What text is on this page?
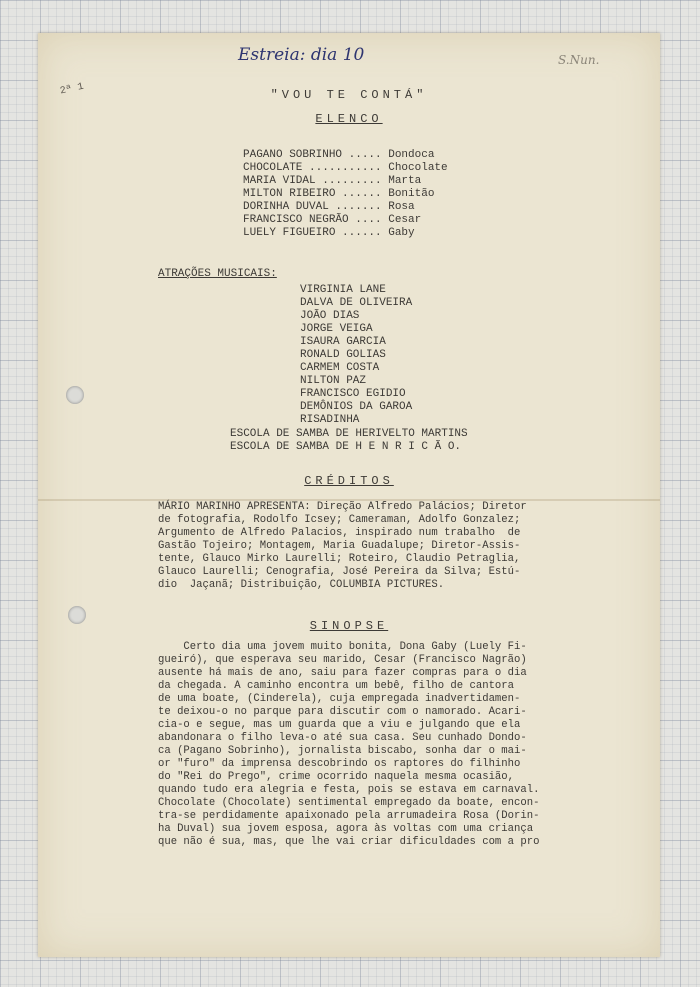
Estreia: dia 10	S.Nun.
2ª 1	"VOU TE CONTÁ"
ELENCO
PAGANO SOBRINHO ..... Dondoca
CHOCOLATE ........... Chocolate
MARIA VIDAL ......... Marta
MILTON RIBEIRO ...... Bonitão
DORINHA DUVAL ....... Rosa
FRANCISCO NEGRÃO .... Cesar
LUELY FIGUEIRO ...... Gaby
ATRAÇÕES MUSICAIS:
VIRGINIA LANE
DALVA DE OLIVEIRA
JOÃO DIAS
JORGE VEIGA
ISAURA GARCIA
RONALD GOLIAS
CARMEM COSTA
NILTON PAZ
FRANCISCO EGIDIO
DEMÔNIOS DA GAROA
RISADINHA
ESCOLA DE SAMBA DE HERIVELTO MARTINS
ESCOLA DE SAMBA DE H E N R I C Ã O.
CRÉDITOS
MÁRIO MARINHO APRESENTA: Direção Alfredo Palácios; Diretor
de fotografia, Rodolfo Icsey; Cameraman, Adolfo Gonzalez;
Argumento de Alfredo Palacios, inspirado num trabalho  de
Gastão Tojeiro; Montagem, Maria Guadalupe; Diretor-Assis-
tente, Glauco Mirko Laurelli; Roteiro, Claudio Petraglia,
Glauco Laurelli; Cenografia, José Pereira da Silva; Estú-
dio  Jaçanã; Distribuição, COLUMBIA PICTURES.
SINOPSE
Certo dia uma jovem muito bonita, Dona Gaby (Luely Fi-
gueiró), que esperava seu marido, Cesar (Francisco Nagrão)
ausente há mais de ano, saiu para fazer compras para o dia
da chegada. A caminho encontra um bebê, filho de cantora
de uma boate, (Cinderela), cuja empregada inadvertidamen-
te deixou-o no parque para discutir com o namorado. Acari-
cia-o e segue, mas um guarda que a viu e julgando que ela
abandonara o filho leva-o até sua casa. Seu cunhado Dondo-
ca (Pagano Sobrinho), jornalista biscabo, sonha dar o mai-
or "furo" da imprensa descobrindo os raptores do filhinho
do "Rei do Prego", crime ocorrido naquela mesma ocasião,
quando tudo era alegria e festa, pois se estava em carnaval.
Chocolate (Chocolate) sentimental empregado da boate, encon-
tra-se perdidamente apaixonado pela arrumadeira Rosa (Dorin-
ha Duval) sua jovem esposa, agora às voltas com uma criança
que não é sua, mas, que lhe vai criar dificuldades com a pro
